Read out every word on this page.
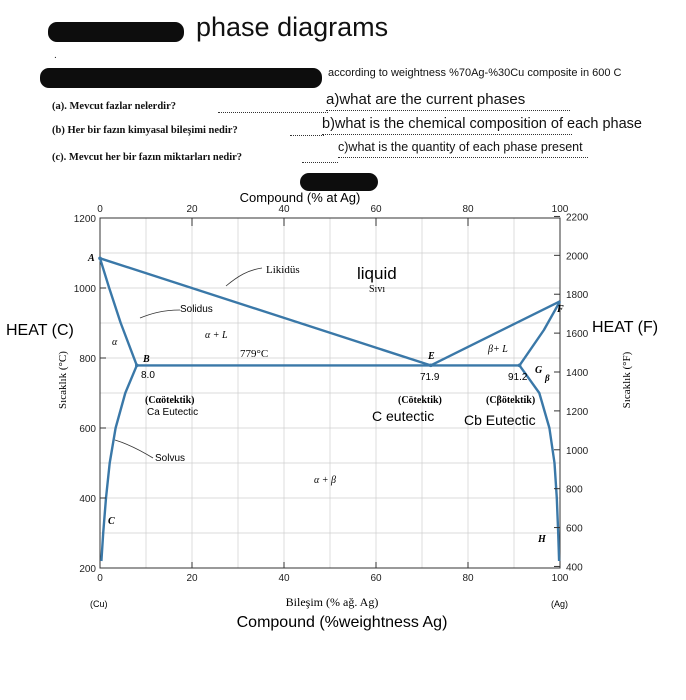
phase diagrams
.
according to weightness %70Ag-%30Cu composite in 600 C
(a). Mevcut fazlar nelerdir?	a)what are the current phases
(b) Her bir fazın kimyasal bileşimi nedir?	b)what is the chemical composition of each phase
(c). Mevcut her bir fazın miktarları nedir?
c)what is the quantity of each phase present
0	20	40	60	80	100
0	20	40	60	80	100
1200
1000
800
600
400
200
2200
2000
1800
1600
1400
1200
1000
800
600
400
Compound (% at Ag)
Bileşim (% ağ. Ag)
Compound (%weightness Ag)
Sıcaklık (°C)	Sıcaklık (°F)
HEAT (C)	HEAT (F)
A
B
C
E
F
G
H
α
β
α + L
β+ L
α + β
779°C
8.0	71.9	91.2
Likidüs	liquid
Sıvı
Solidus
Solvus
(Cαötektik)
Ca Eutectic
(Cötektik)
C eutectic
(Cβötektik)
Cb Eutectic
(Cu)	(Ag)
